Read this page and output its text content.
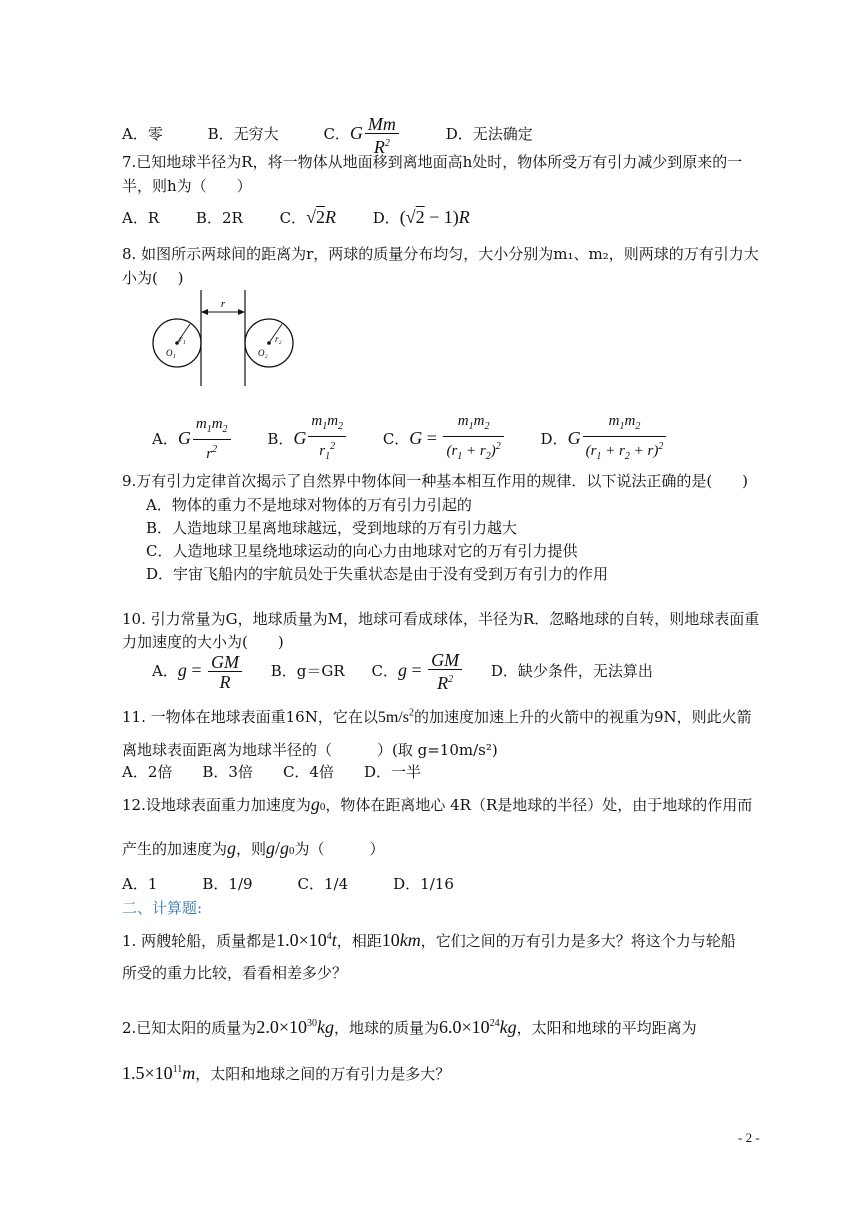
A．零	B．无穷大	C．G $\frac{Mm}{R^2}$	D．无法确定
7.已知地球半径为R，将一物体从地面移到离地面高h处时，物体所受万有引力减少到原来的一
半，则h为（　　）
A．R B．2R C．√2R D．(√2 − 1)R
8. 如图所示两球间的距离为r，两球的质量分布均匀，大小分别为m₁、m₂，则两球的万有引力大
小为(　 )
r
r₁
O₁
r₂
O₂
A．G $\frac{m_1m_2}{r^2}$ B．G $\frac{m_1m_2}{r_1^2}$ C．$G = \frac{m_1m_2}{(r_1 + r_2)^2}$ D．G $\frac{m_1m_2}{(r_1 + r_2 + r)^2}$
9.万有引力定律首次揭示了自然界中物体间一种基本相互作用的规律．以下说法正确的是(　　)
A．物体的重力不是地球对物体的万有引力引起的
B．人造地球卫星离地球越远，受到地球的万有引力越大
C．人造地球卫星绕地球运动的向心力由地球对它的万有引力提供
D．宇宙飞船内的宇航员处于失重状态是由于没有受到万有引力的作用
10. 引力常量为G，地球质量为M，地球可看成球体，半径为R．忽略地球的自转，则地球表面重
力加速度的大小为(　　)
A．$g = \frac{GM}{R}$ B．g＝GR C．$g = \frac{GM}{R^2}$ D．缺少条件，无法算出
11. 一物体在地球表面重16N，它在以$5m/s^2$的加速度加速上升的火箭中的视重为9N，则此火箭
离地球表面距离为地球半径的（　　　）(取 g=10m/s²)
A．2倍　　B．3倍　　C．4倍　　D．一半
12.设地球表面重力加速度为g0，物体在距离地心 4R（R是地球的半径）处，由于地球的作用而
产生的加速度为g，则g/g0为（　　　）
A．1　　　B．1/9　　　C．1/4　　　D．1/16
二、计算题:
1. 两艘轮船，质量都是$1.0\times 10^4t$，相距10km，它们之间的万有引力是多大？将这个力与轮船
所受的重力比较，看看相差多少？
2.已知太阳的质量为$2.0\times 10^{30}kg$，地球的质量为$6.0\times 10^{24}kg$，太阳和地球的平均距离为
$1.5\times 10^{11}m$，太阳和地球之间的万有引力是多大？
- 2 -
